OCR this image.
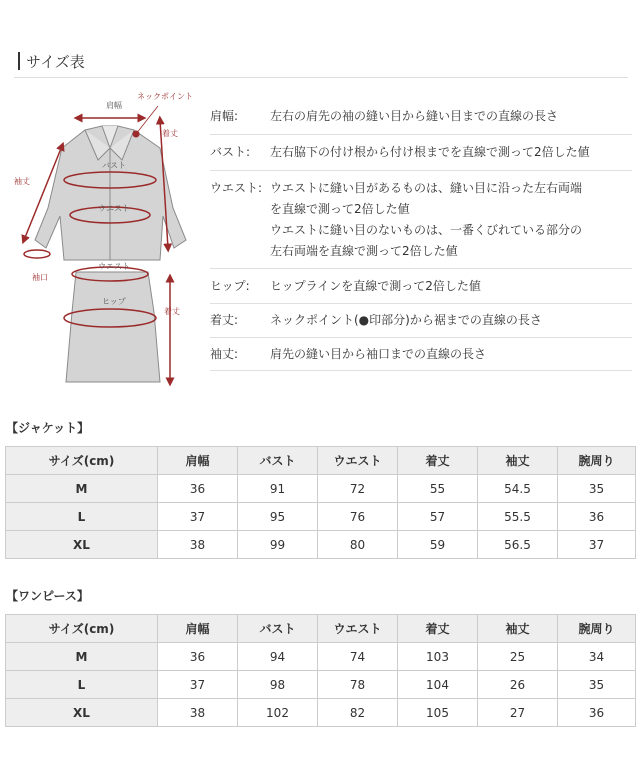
サイズ表
肩幅
ネックポイント
着丈
袖丈
バスト
ウエスト
袖口
ウエスト
ヒップ
着丈
肩幅:	左右の肩先の袖の縫い目から縫い目までの直線の長さ
バスト:	左右脇下の付け根から付け根までを直線で測って2倍した値
ウエスト: ウエストに縫い目があるものは、縫い目に沿った左右両端
を直線で測って2倍した値
ウエストに縫い目のないものは、一番くびれている部分の
左右両端を直線で測って2倍した値
ヒップ:	ヒップラインを直線で測って2倍した値
着丈:	ネックポイント(●印部分)から裾までの直線の長さ
袖丈:	肩先の縫い目から袖口までの直線の長さ
【ジャケット】
サイズ(cm)	肩幅	バスト	ウエスト	着丈	袖丈	腕周り
M	36	91	72	55	54.5	35
L	37	95	76	57	55.5	36
XL	38	99	80	59	56.5	37
【ワンピース】
サイズ(cm)	肩幅	バスト	ウエスト	着丈	袖丈	腕周り
M	36	94	74	103	25	34
L	37	98	78	104	26	35
XL	38	102	82	105	27	36
